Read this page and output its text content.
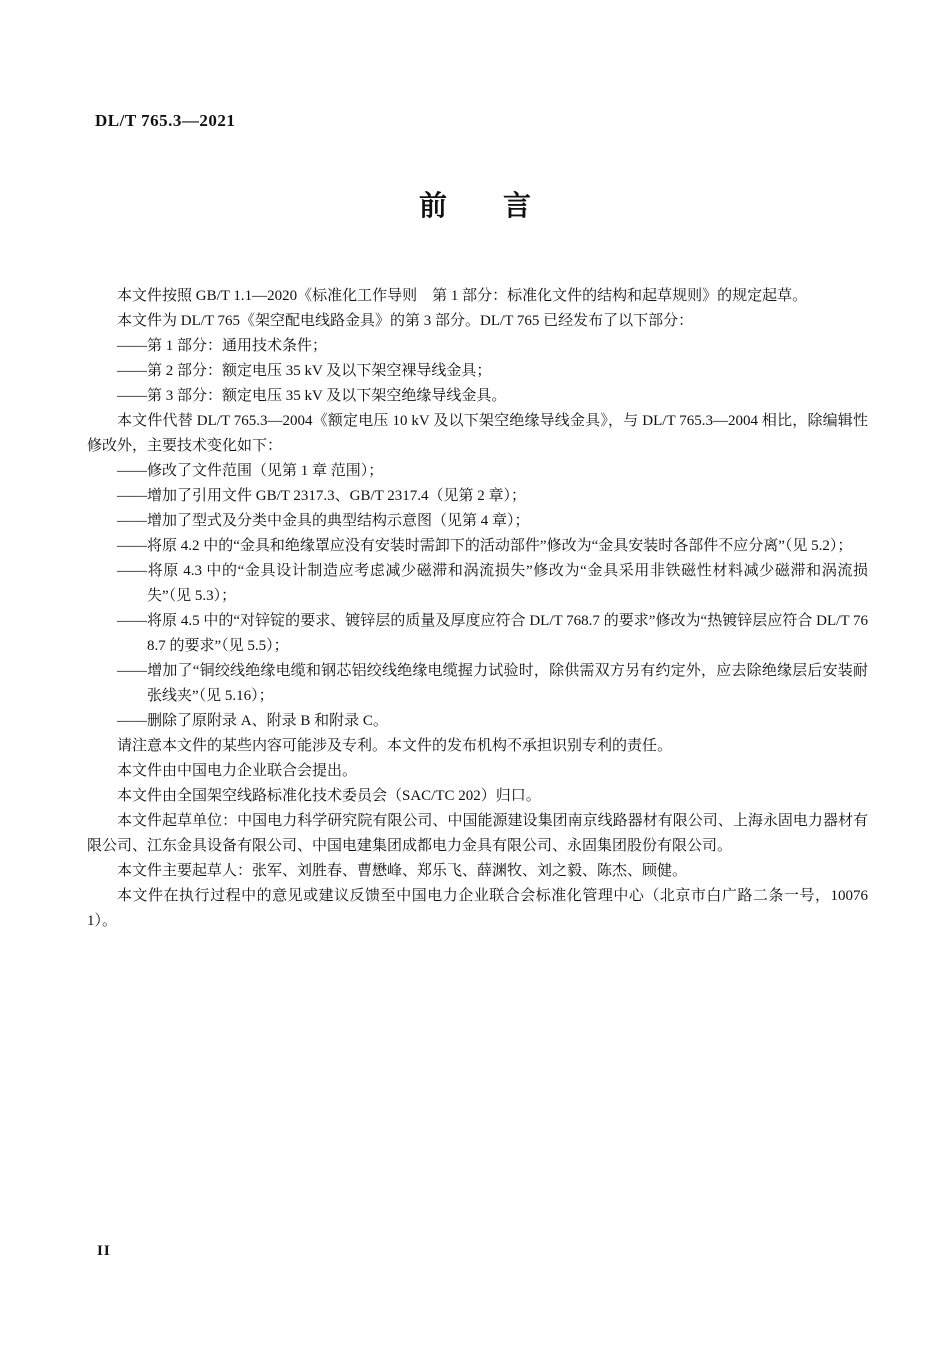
DL/T 765.3—2021
前　　言

本文件按照 GB/T 1.1—2020《标准化工作导则　第 1 部分：标准化文件的结构和起草规则》的规定起草。

本文件为 DL/T 765《架空配电线路金具》的第 3 部分。DL/T 765 已经发布了以下部分：

——第 1 部分：通用技术条件；

——第 2 部分：额定电压 35 kV 及以下架空裸导线金具；

——第 3 部分：额定电压 35 kV 及以下架空绝缘导线金具。

本文件代替 DL/T 765.3—2004《额定电压 10 kV 及以下架空绝缘导线金具》，与 DL/T 765.3—2004 相比，除编辑性修改外，主要技术变化如下：

——修改了文件范围（见第 1 章 范围）；

——增加了引用文件 GB/T 2317.3、GB/T 2317.4（见第 2 章）；

——增加了型式及分类中金具的典型结构示意图（见第 4 章）；

——将原 4.2 中的“金具和绝缘罩应没有安装时需卸下的活动部件”修改为“金具安装时各部件不应分离”（见 5.2）；

——将原 4.3 中的“金具设计制造应考虑减少磁滞和涡流损失”修改为“金具采用非铁磁性材料减少磁滞和涡流损失”（见 5.3）；

——将原 4.5 中的“对锌锭的要求、镀锌层的质量及厚度应符合 DL/T 768.7 的要求”修改为“热镀锌层应符合 DL/T 768.7 的要求”（见 5.5）；

——增加了“铜绞线绝缘电缆和钢芯铝绞线绝缘电缆握力试验时，除供需双方另有约定外，应去除绝缘层后安装耐张线夹”（见 5.16）；

——删除了原附录 A、附录 B 和附录 C。

请注意本文件的某些内容可能涉及专利。本文件的发布机构不承担识别专利的责任。

本文件由中国电力企业联合会提出。

本文件由全国架空线路标准化技术委员会（SAC/TC 202）归口。

本文件起草单位：中国电力科学研究院有限公司、中国能源建设集团南京线路器材有限公司、上海永固电力器材有限公司、江东金具设备有限公司、中国电建集团成都电力金具有限公司、永固集团股份有限公司。

本文件主要起草人：张军、刘胜春、曹懋峰、郑乐飞、薛渊牧、刘之毅、陈杰、顾健。

本文件在执行过程中的意见或建议反馈至中国电力企业联合会标准化管理中心（北京市白广路二条一号，100761）。

II
